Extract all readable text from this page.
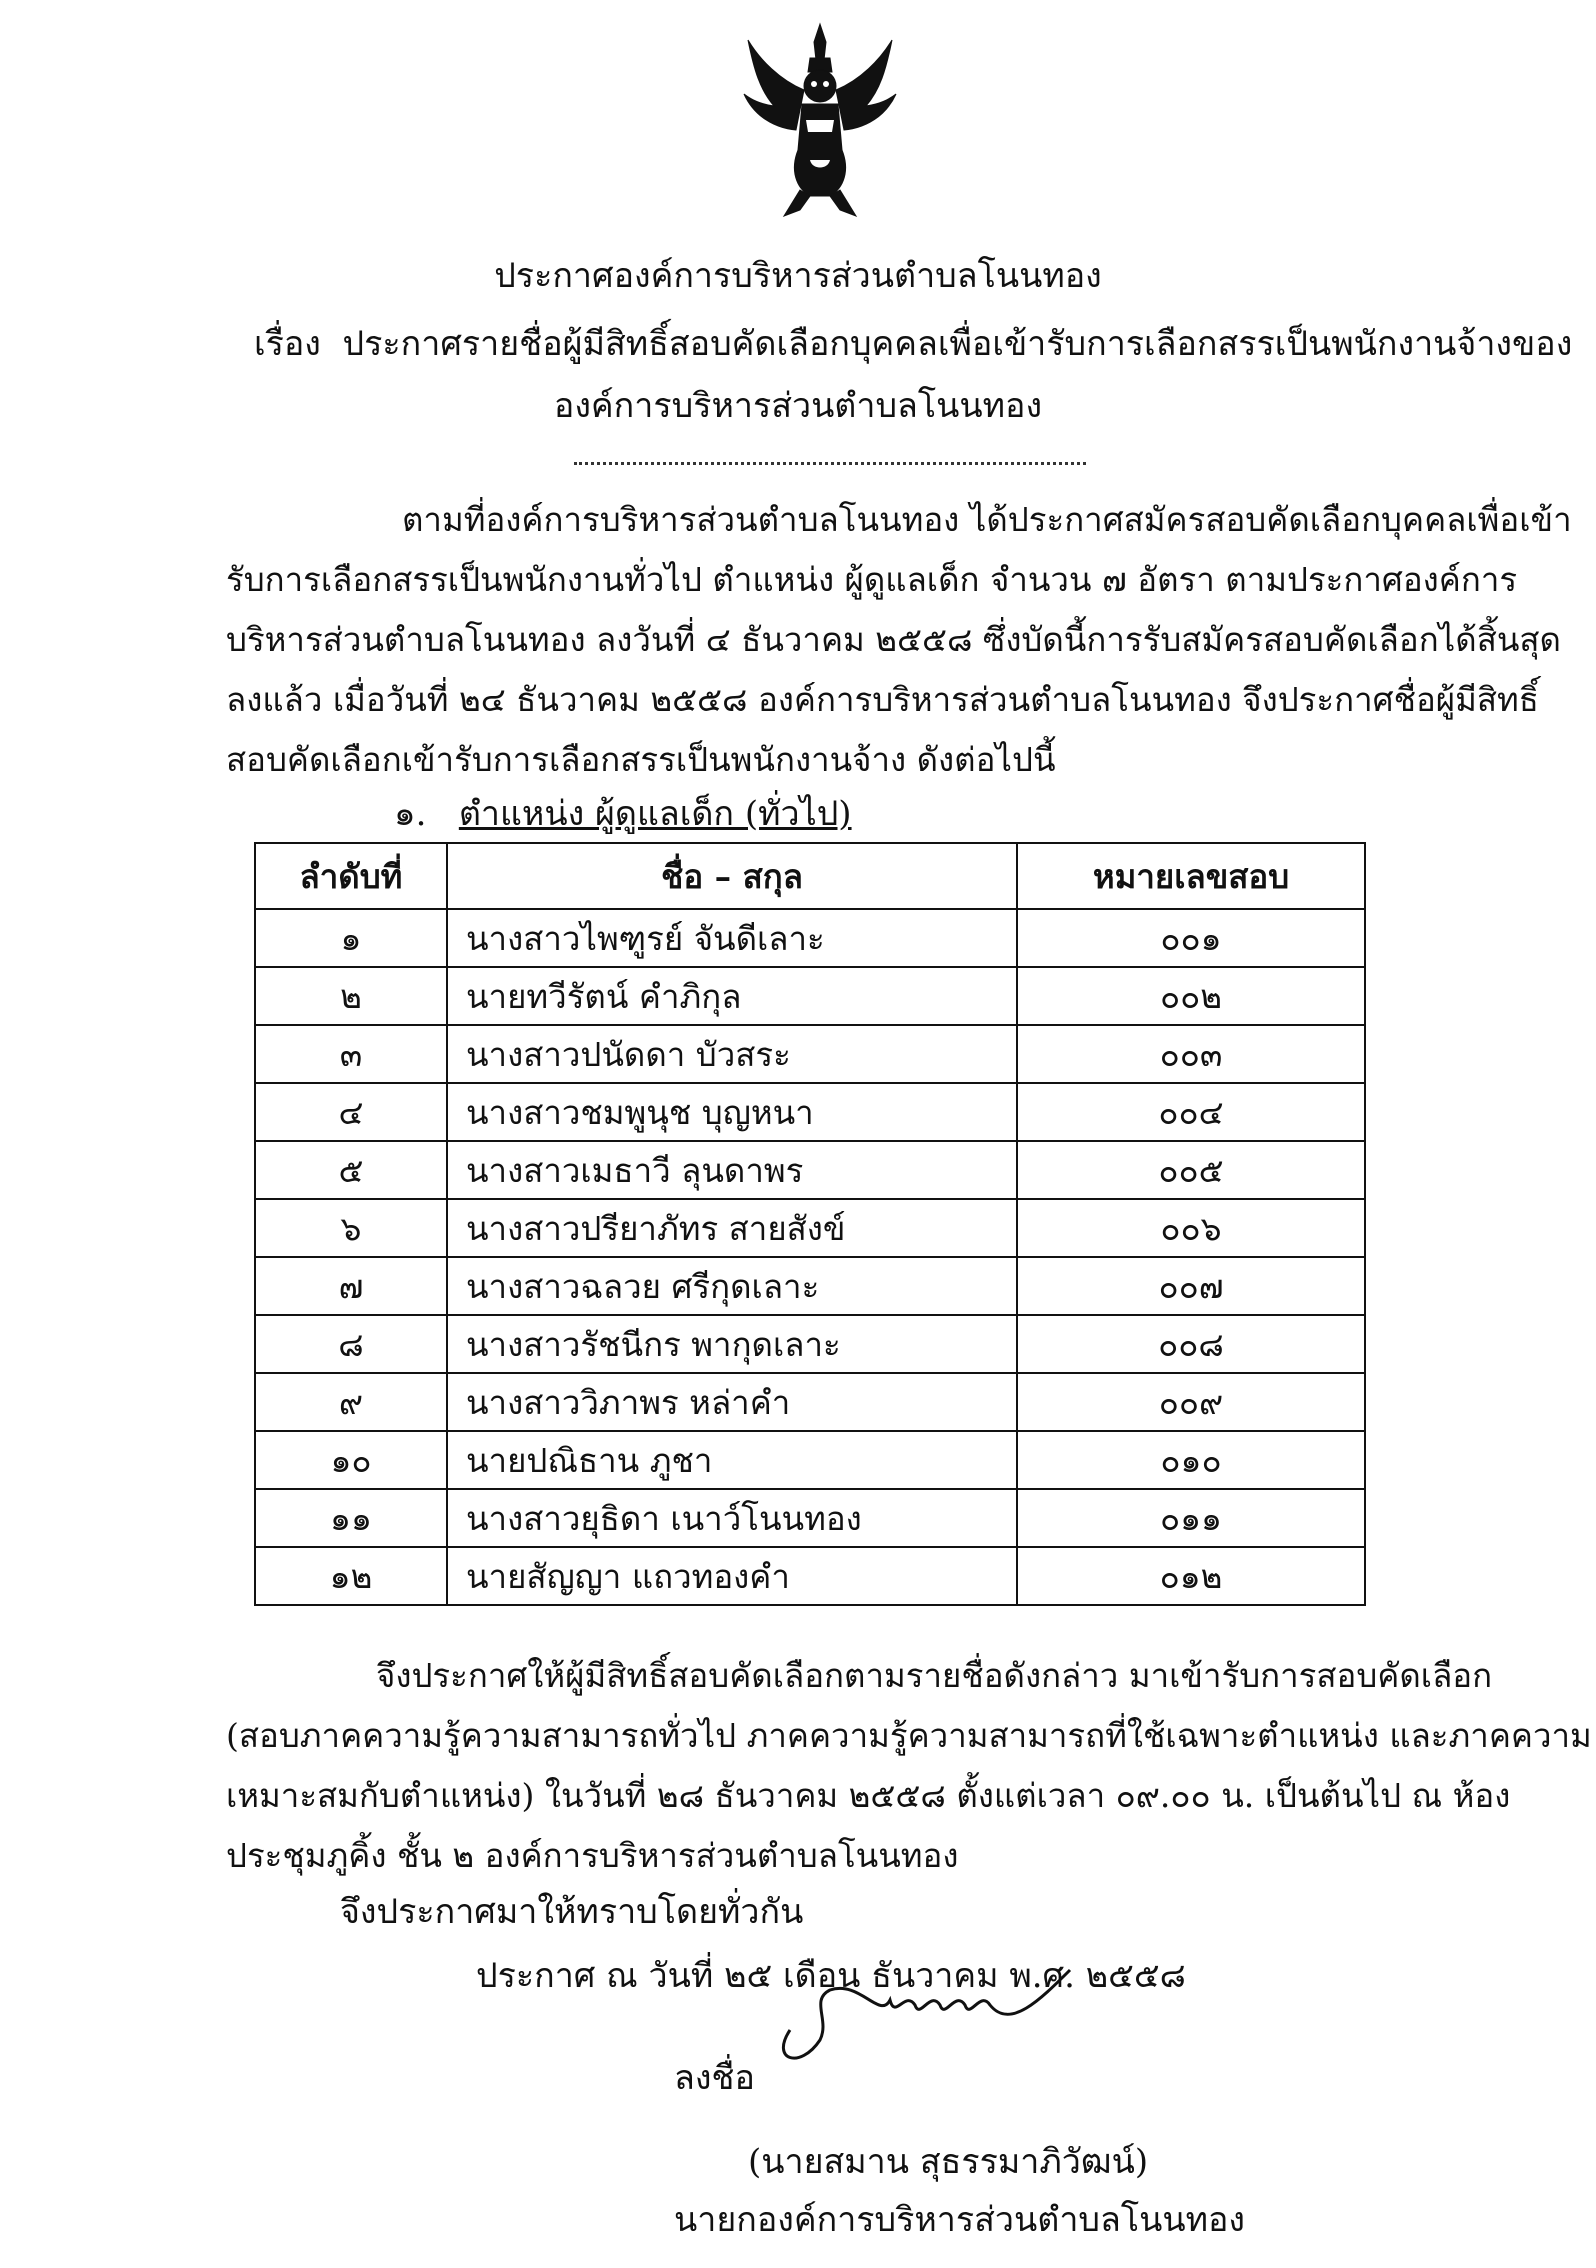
ประกาศองค์การบริหารส่วนตำบลโนนทอง
เรื่อง ประกาศรายชื่อผู้มีสิทธิ์สอบคัดเลือกบุคคลเพื่อเข้ารับการเลือกสรรเป็นพนักงานจ้างของ
องค์การบริหารส่วนตำบลโนนทอง
ตามที่องค์การบริหารส่วนตำบลโนนทอง ได้ประกาศสมัครสอบคัดเลือกบุคคลเพื่อเข้า
รับการเลือกสรรเป็นพนักงานทั่วไป ตำแหน่ง ผู้ดูแลเด็ก จำนวน ๗ อัตรา ตามประกาศองค์การ
บริหารส่วนตำบลโนนทอง ลงวันที่ ๔ ธันวาคม ๒๕๕๘ ซึ่งบัดนี้การรับสมัครสอบคัดเลือกได้สิ้นสุด
ลงแล้ว เมื่อวันที่ ๒๔ ธันวาคม ๒๕๕๘ องค์การบริหารส่วนตำบลโนนทอง จึงประกาศชื่อผู้มีสิทธิ์
สอบคัดเลือกเข้ารับการเลือกสรรเป็นพนักงานจ้าง ดังต่อไปนี้
๑. ตำแหน่ง ผู้ดูแลเด็ก (ทั่วไป)
ลำดับที่	ชื่อ – สกุล	หมายเลขสอบ
๑	นางสาวไพฑูรย์ จันดีเลาะ	๐๐๑
๒	นายทวีรัตน์ คำภิกุล	๐๐๒
๓	นางสาวปนัดดา บัวสระ	๐๐๓
๔	นางสาวชมพูนุช บุญหนา	๐๐๔
๕	นางสาวเมธาวี ลุนดาพร	๐๐๕
๖	นางสาวปรียาภัทร สายสังข์	๐๐๖
๗	นางสาวฉลวย ศรีกุดเลาะ	๐๐๗
๘	นางสาวรัชนีกร พากุดเลาะ	๐๐๘
๙	นางสาววิภาพร หล่าคำ	๐๐๙
๑๐	นายปณิธาน ภูชา	๐๑๐
๑๑	นางสาวยุธิดา เนาว์โนนทอง	๐๑๑
๑๒	นายสัญญา แถวทองคำ	๐๑๒
จึงประกาศให้ผู้มีสิทธิ์สอบคัดเลือกตามรายชื่อดังกล่าว มาเข้ารับการสอบคัดเลือก
(สอบภาคความรู้ความสามารถทั่วไป ภาคความรู้ความสามารถที่ใช้เฉพาะตำแหน่ง และภาคความ
เหมาะสมกับตำแหน่ง) ในวันที่ ๒๘ ธันวาคม ๒๕๕๘ ตั้งแต่เวลา ๐๙.๐๐ น. เป็นต้นไป ณ ห้อง
ประชุมภูคิ้ง ชั้น ๒ องค์การบริหารส่วนตำบลโนนทอง
จึงประกาศมาให้ทราบโดยทั่วกัน
ประกาศ ณ วันที่ ๒๕ เดือน ธันวาคม พ.ศ. ๒๕๕๘
ลงชื่อ
(นายสมาน สุธรรมาภิวัฒน์)
นายกองค์การบริหารส่วนตำบลโนนทอง
